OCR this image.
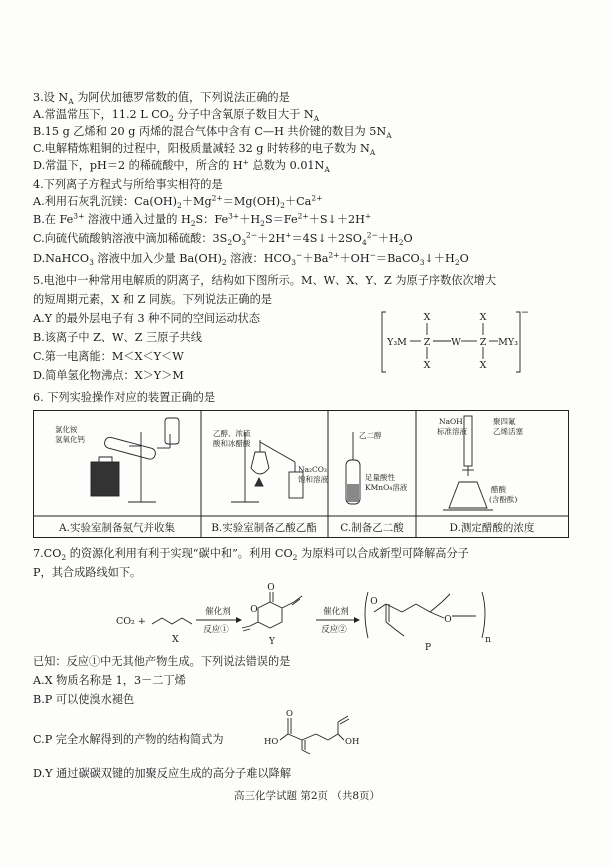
3.设 $N_A$ 为阿伏加德罗常数的值，下列说法正确的是
A.常温常压下，11.2 L $CO_2$ 分子中含氧原子数目大于 $N_A$
B.15 g 乙烯和 20 g 丙烯的混合气体中含有 C—H 共价键的数目为 $5N_A$
C.电解精炼粗铜的过程中，阳极质量减轻 32 g 时转移的电子数为 $N_A$
D.常温下，pH＝2 的稀硫酸中，所含的 H+ 总数为 $0.01N_A$
4.下列离子方程式与所给事实相符的是
A.利用石灰乳沉镁：$Ca(OH)_2+Mg^{2+}=Mg(OH)_2+Ca^{2+}$
B.在 $Fe^{3+}$ 溶液中通入过量的 $H_2S$：$Fe^{3+}+H_2S=Fe^{2+}+S↓+2H^+$
C.向硫代硫酸钠溶液中滴加稀硫酸：$3S_2O_3^{2-}+2H^+=4S↓+2SO_4^{2-}+H_2O$
D.NaHCO$_3$ 溶液中加入少量 $Ba(OH)_2$ 溶液：$HCO_3^-+Ba^{2+}+OH^-=BaCO_3↓+H_2O$
5.电池中一种常用电解质的阴离子，结构如下图所示。M、W、X、Y、Z 为原子序数依次增大
的短周期元素，X 和 Z 同族。下列说法正确的是
A.Y 的最外层电子有 3 种不同的空间运动状态
B.该离子中 Z、W、Z 三原子共线
C.第一电离能：M＜X＜Y＜W
D.简单氢化物沸点：X＞Y＞M
Y₃M Z W Z MY₃
X
X
X
X
−
6. 下列实验操作对应的装置正确的是
氯化铵
氢氧化钙
乙醇、浓硫
酸和冰醋酸
Na₂CO₃
饱和溶液
乙二醇
足量酸性
KMnO₄溶液
NaOH
标准溶液
聚四氟
乙烯活塞
醋酸
(含酚酞)
A.实验室制备氨气并收集	B.实验室制备乙酸乙酯 C.制备乙二酸	D.测定醋酸的浓度
$7.CO_2$ 的资源化利用有利于实现“碳中和”。利用 $CO_2$ 为原料可以合成新型可降解高分子
P，其合成路线如下。
CO₂ +
X
催化剂
反应①
O
O
Y
催化剂
反应②
O
O
n
P
已知：反应①中无其他产物生成。下列说法错误的是
A.X 物质名称是 1，3－二丁烯
B.P 可以使溴水褪色
C.P 完全水解得到的产物的结构简式为	HO
O
OH
D.Y 通过碳碳双键的加聚反应生成的高分子难以降解
高三化学试题 第2页 （共8页）
